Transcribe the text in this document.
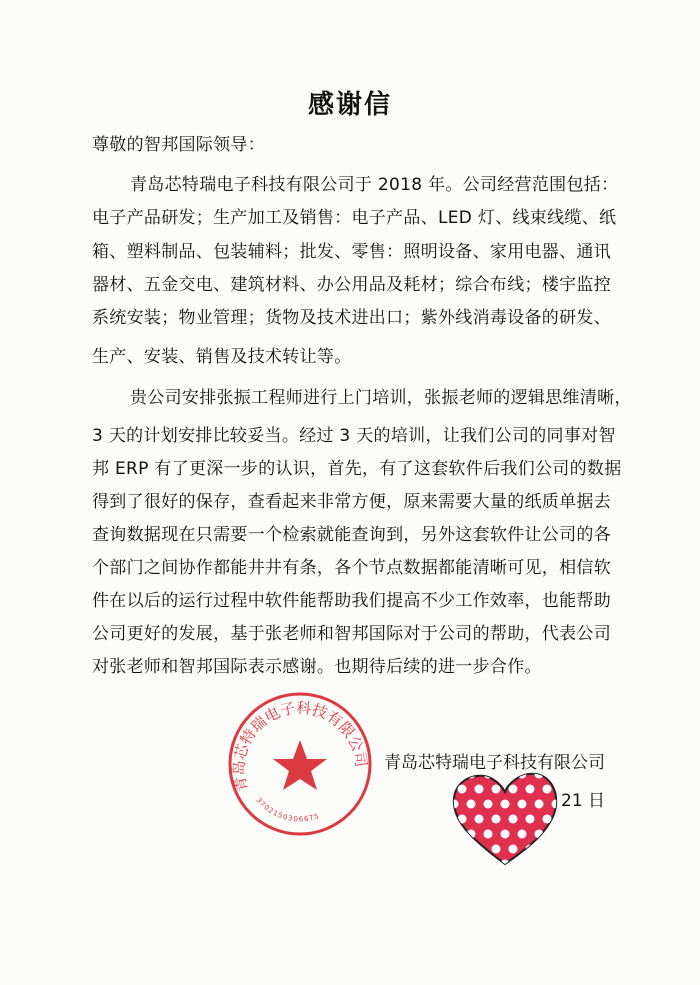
感谢信
尊敬的智邦国际领导：
青岛芯特瑞电子科技有限公司于 2018 年。公司经营范围包括：
电子产品研发；生产加工及销售：电子产品、LED 灯、线束线缆、纸
箱、塑料制品、包装辅料；批发、零售：照明设备、家用电器、通讯
器材、五金交电、建筑材料、办公用品及耗材；综合布线；楼宇监控
系统安装；物业管理；货物及技术进出口；紫外线消毒设备的研发、
生产、安装、销售及技术转让等。
贵公司安排张振工程师进行上门培训，张振老师的逻辑思维清晰，
3 天的计划安排比较妥当。经过 3 天的培训，让我们公司的同事对智
邦 ERP 有了更深一步的认识，首先，有了这套软件后我们公司的数据
得到了很好的保存，查看起来非常方便，原来需要大量的纸质单据去
查询数据现在只需要一个检索就能查询到，另外这套软件让公司的各
个部门之间协作都能井井有条，各个节点数据都能清晰可见，相信软
件在以后的运行过程中软件能帮助我们提高不少工作效率，也能帮助
公司更好的发展，基于张老师和智邦国际对于公司的帮助，代表公司
对张老师和智邦国际表示感谢。也期待后续的进一步合作。
青岛芯特瑞电子科技有限公司
3702150306675
青岛芯特瑞电子科技有限公司
21 日
